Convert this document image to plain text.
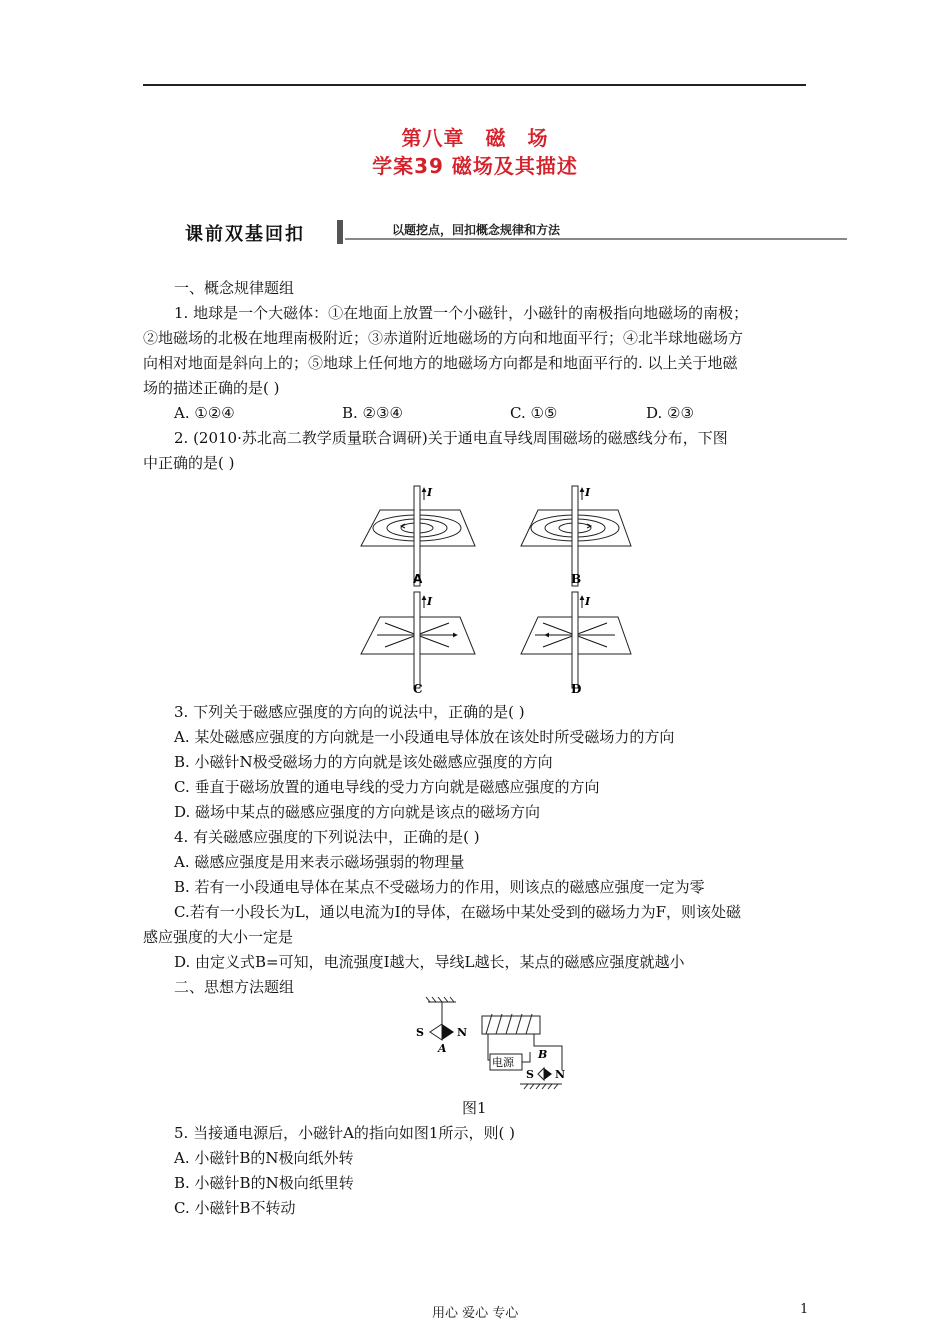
第八章　磁　场
学案39 磁场及其描述
课前双基回扣	以题挖点，回扣概念规律和方法
一、概念规律题组
1. 地球是一个大磁体：①在地面上放置一个小磁针，小磁针的南极指向地磁场的南极；
②地磁场的北极在地理南极附近；③赤道附近地磁场的方向和地面平行；④北半球地磁场方
向相对地面是斜向上的；⑤地球上任何地方的地磁场方向都是和地面平行的. 以上关于地磁
场的描述正确的是( )
A. ①②④	B. ②③④	C. ①⑤	D. ②③
2. (2010·苏北高二教学质量联合调研)关于通电直导线周围磁场的磁感线分布，下图
中正确的是( )
I
A
I
B
I
C
I
D
3. 下列关于磁感应强度的方向的说法中，正确的是( )
A. 某处磁感应强度的方向就是一小段通电导体放在该处时所受磁场力的方向
B. 小磁针N极受磁场力的方向就是该处磁感应强度的方向
C. 垂直于磁场放置的通电导线的受力方向就是磁感应强度的方向
D. 磁场中某点的磁感应强度的方向就是该点的磁场方向
4. 有关磁感应强度的下列说法中，正确的是( )
A. 磁感应强度是用来表示磁场强弱的物理量
B. 若有一小段通电导体在某点不受磁场力的作用，则该点的磁感应强度一定为零
C.若有一小段长为L，通以电流为I的导体，在磁场中某处受到的磁场力为F，则该处磁
感应强度的大小一定是
D. 由定义式B=可知，电流强度I越大，导线L越长，某点的磁感应强度就越小
二、思想方法题组
S	N
A
电源
B
S N
图1
5. 当接通电源后，小磁针A的指向如图1所示，则( )
A. 小磁针B的N极向纸外转
B. 小磁针B的N极向纸里转
C. 小磁针B不转动
用心 爱心 专心	1
